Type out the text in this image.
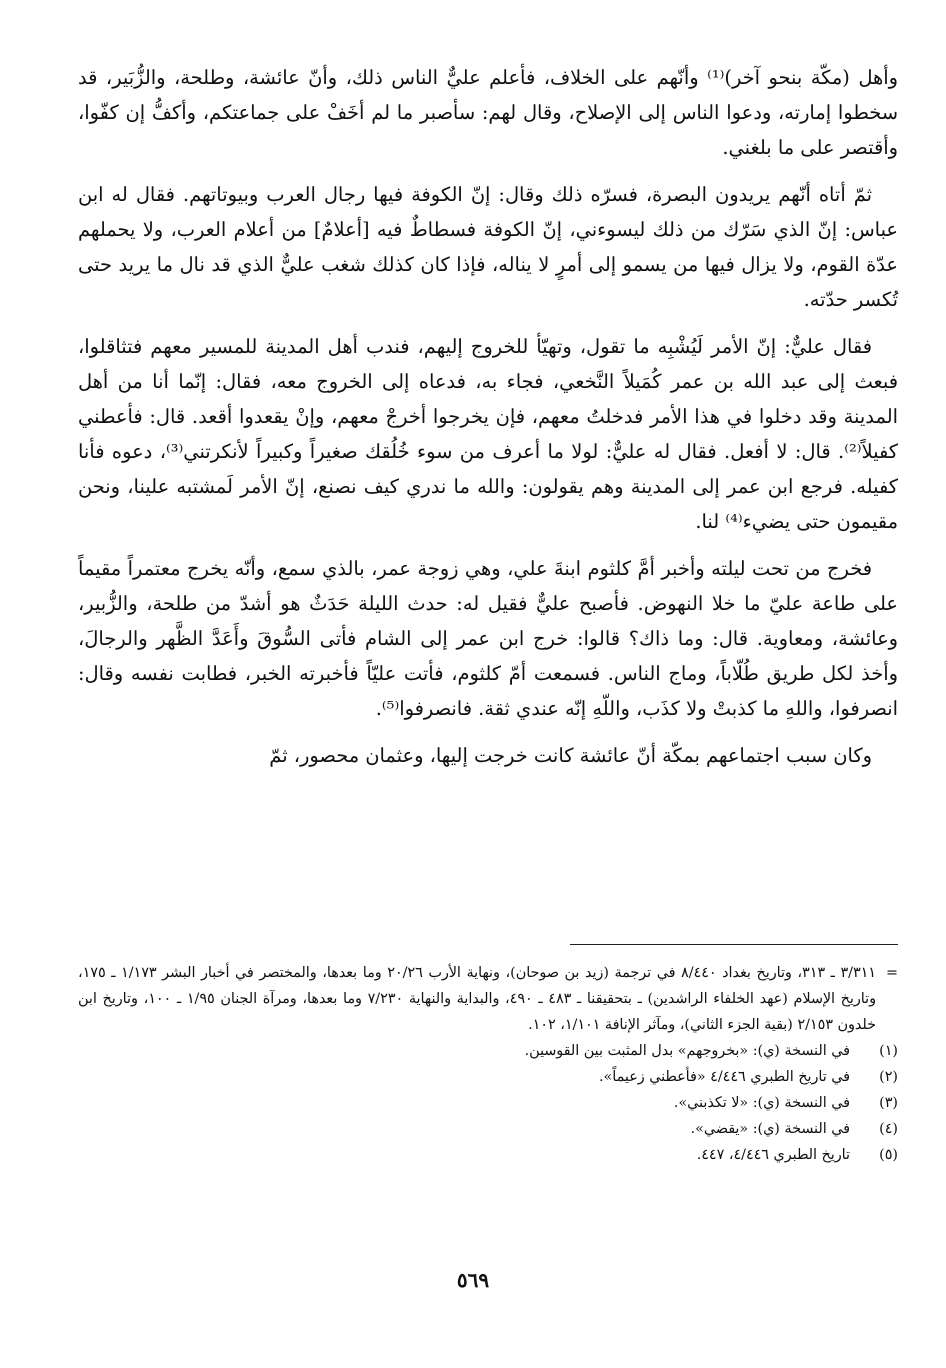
وأهل (مكّة بنحو آخر)⁽¹⁾ وأنّهم على الخلاف، فأعلم عليٌّ الناس ذلك، وأنّ عائشة، وطلحة، والزُّبَير، قد سخطوا إمارته، ودعوا الناس إلى الإصلاح، وقال لهم: سأصبر ما لم أخَفْ على جماعتكم، وأكفُّ إن كفّوا، وأقتصر على ما بلغني.

ثمّ أتاه أنّهم يريدون البصرة، فسرّه ذلك وقال: إنّ الكوفة فيها رجال العرب وبيوتاتهم. فقال له ابن عباس: إنّ الذي سَرّك من ذلك ليسوءني، إنّ الكوفة فسطاطٌ فيه [أعلامٌ] من أعلام العرب، ولا يحملهم عدّة القوم، ولا يزال فيها من يسمو إلى أمرٍ لا يناله، فإذا كان كذلك شغب عليٌّ الذي قد نال ما يريد حتى تُكسر حدّته.

فقال عليٌّ: إنّ الأمر لَيُشْبِه ما تقول، وتهيّأ للخروج إليهم، فندب أهل المدينة للمسير معهم فتثاقلوا، فبعث إلى عبد الله بن عمر كُمَيلاً النَّخعي، فجاء به، فدعاه إلى الخروج معه، فقال: إنّما أنا من أهل المدينة وقد دخلوا في هذا الأمر فدخلتُ معهم، فإن يخرجوا أخرجْ معهم، وإنْ يقعدوا أقعد. قال: فأعطني كفيلاً⁽²⁾. قال: لا أفعل. فقال له عليٌّ: لولا ما أعرف من سوء خُلُقك صغيراً وكبيراً لأنكرتني⁽³⁾، دعوه فأنا كفيله. فرجع ابن عمر إلى المدينة وهم يقولون: والله ما ندري كيف نصنع، إنّ الأمر لَمشتبه علينا، ونحن مقيمون حتى يضيء⁽⁴⁾ لنا.

فخرج من تحت ليلته وأخبر أمَّ كلثوم ابنةَ علي، وهي زوجة عمر، بالذي سمع، وأنّه يخرج معتمراً مقيماً على طاعة عليّ ما خلا النهوض. فأصبح عليٌّ فقيل له: حدث الليلة حَدَثٌ هو أشدّ من طلحة، والزُّبير، وعائشة، ومعاوية. قال: وما ذاك؟ قالوا: خرج ابن عمر إلى الشام فأتى السُّوقَ وأَعَدَّ الظَّهر والرجالَ، وأخذ لكل طريق طُلّاباً، وماج الناس. فسمعت أمّ كلثوم، فأتت عليّاً فأخبرته الخبر، فطابت نفسه وقال: انصرفوا، واللهِ ما كذبتْ ولا كذَب، واللّهِ إنّه عندي ثقة. فانصرفوا⁽⁵⁾.

وكان سبب اجتماعهم بمكّة أنّ عائشة كانت خرجت إليها، وعثمان محصور، ثمّ

=
٣/٣١١ ـ ٣١٣، وتاريخ بغداد ٨/٤٤٠ في ترجمة (زيد بن صوحان)، ونهاية الأرب ٢٠/٢٦ وما بعدها، والمختصر في أخبار البشر ١/١٧٣ ـ ١٧٥، وتاريخ الإسلام (عهد الخلفاء الراشدين) ـ بتحقيقنا ـ ٤٨٣ ـ ٤٩٠، والبداية والنهاية ٧/٢٣٠ وما بعدها، ومرآة الجنان ١/٩٥ ـ ١٠٠، وتاريخ ابن خلدون ٢/١٥٣ (بقية الجزء الثاني)، ومآثر الإنافة ١/١٠١، ١٠٢.
(١)
في النسخة (ي): «بخروجهم» بدل المثبت بين القوسين.
(٢)
في تاريخ الطبري ٤/٤٤٦ «فأعطني زعيماً».
(٣)
في النسخة (ي): «لا تكذبني».
(٤)
في النسخة (ي): «يقضي».
(٥)
تاريخ الطبري ٤/٤٤٦، ٤٤٧.
٥٦٩
